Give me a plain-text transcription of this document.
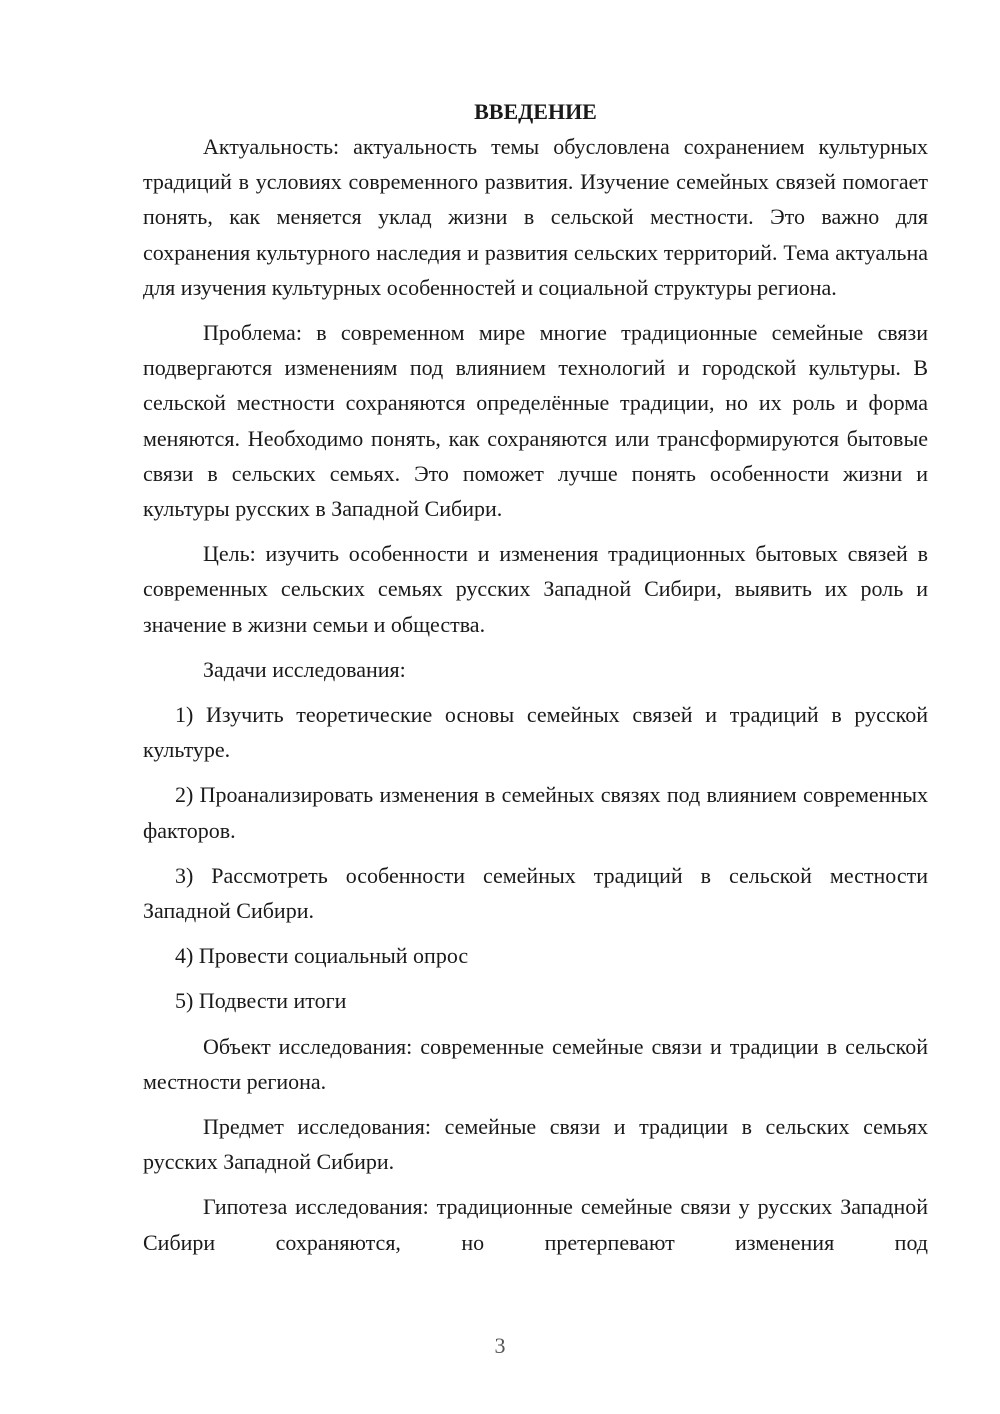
ВВЕДЕНИЕ

Актуальность: актуальность темы обусловлена сохранением культурных традиций в условиях современного развития. Изучение семейных связей помогает понять, как меняется уклад жизни в сельской местности. Это важно для сохранения культурного наследия и развития сельских территорий. Тема актуальна для изучения культурных особенностей и социальной структуры региона.

Проблема: в современном мире многие традиционные семейные связи подвергаются изменениям под влиянием технологий и городской культуры. В сельской местности сохраняются определённые традиции, но их роль и форма меняются. Необходимо понять, как сохраняются или трансформируются бытовые связи в сельских семьях. Это поможет лучше понять особенности жизни и культуры русских в Западной Сибири.

Цель: изучить особенности и изменения традиционных бытовых связей в современных сельских семьях русских Западной Сибири, выявить их роль и значение в жизни семьи и общества.

Задачи исследования:

1) Изучить теоретические основы семейных связей и традиций в русской культуре.

2) Проанализировать изменения в семейных связях под влиянием современных факторов.

3) Рассмотреть особенности семейных традиций в сельской местности Западной Сибири.

4) Провести социальный опрос

5) Подвести итоги

Объект исследования: современные семейные связи и традиции в сельской местности региона.

Предмет исследования: семейные связи и традиции в сельских семьях русских Западной Сибири.

Гипотеза исследования: традиционные семейные связи у русских Западной Сибири сохраняются, но претерпевают изменения под

3
